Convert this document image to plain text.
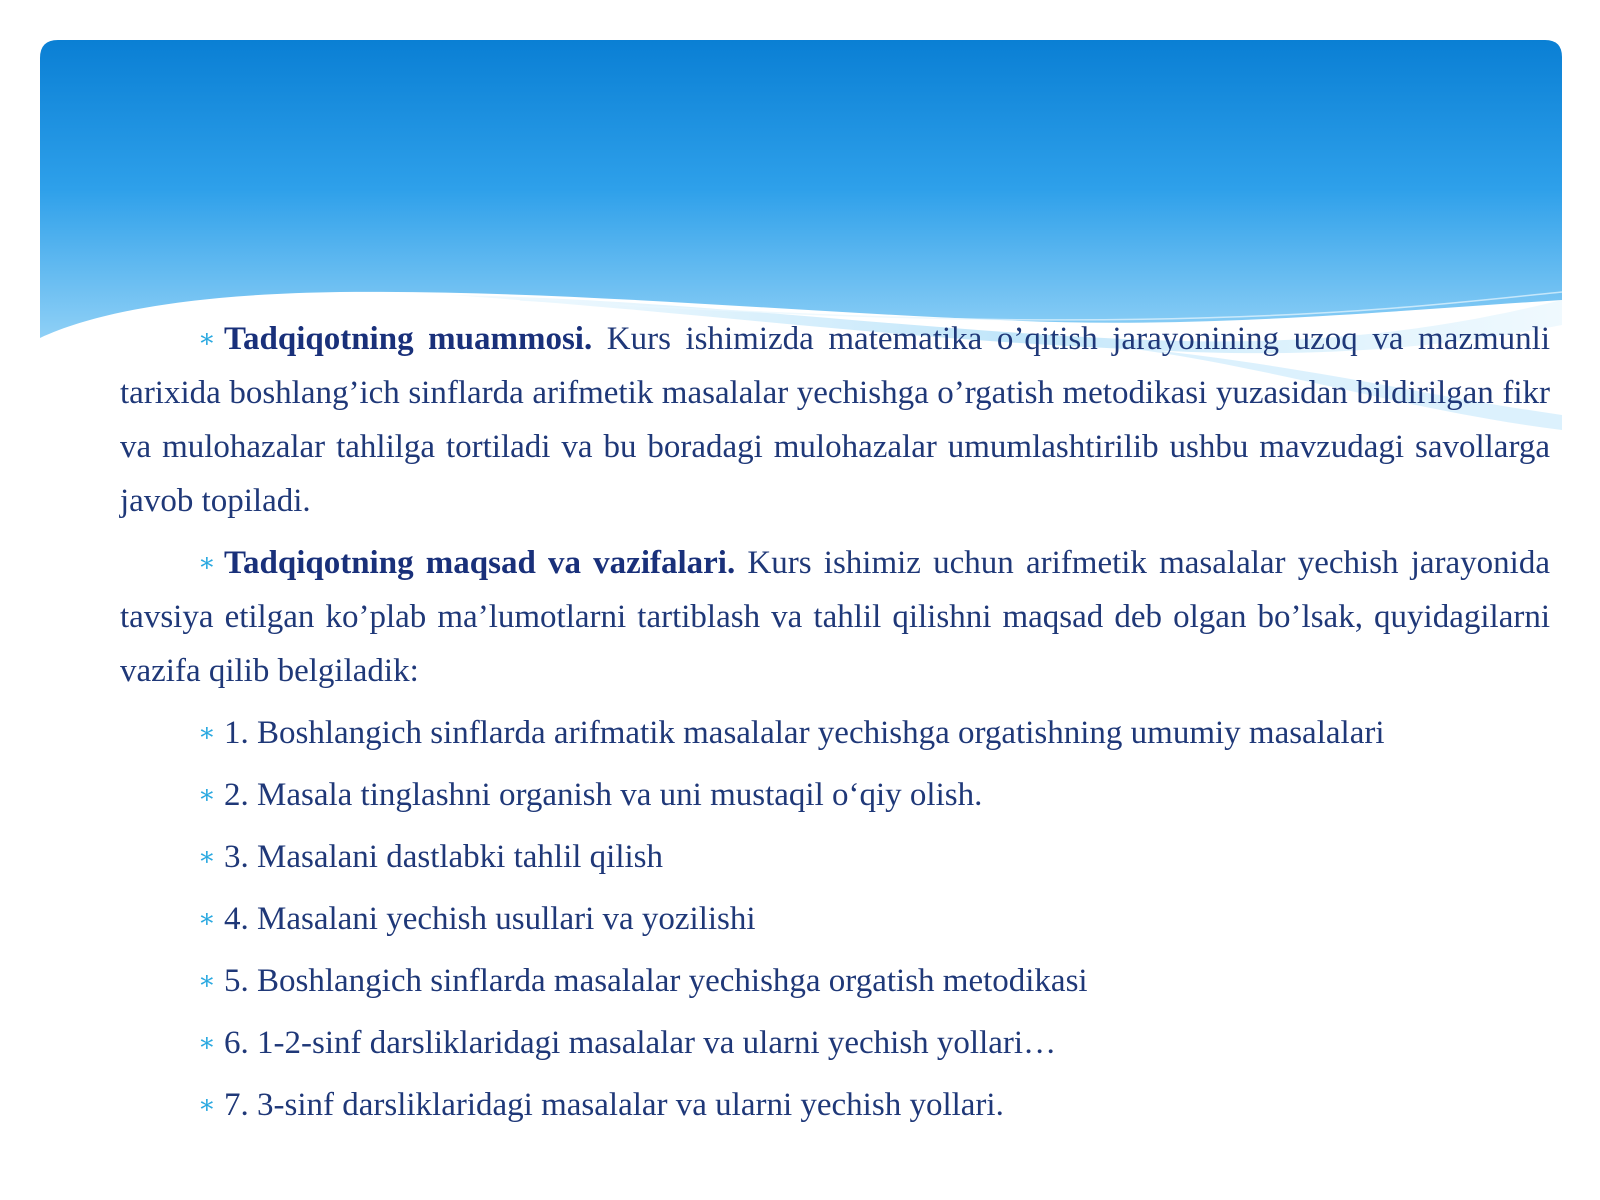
∗ Tadqiqotning muammosi. Kurs ishimizda matematika o’qitish jarayonining uzoq va mazmunli tarixida boshlang’ich sinflarda arifmetik masalalar yechishga o’rgatish metodikasi yuzasidan bildirilgan fikr va mulohazalar tahlilga tortiladi va bu boradagi mulohazalar umumlashtirilib ushbu mavzudagi savollarga javob topiladi.

∗ Tadqiqotning maqsad va vazifalari. Kurs ishimiz uchun arifmetik masalalar yechish jarayonida tavsiya etilgan ko’plab ma’lumotlarni tartiblash va tahlil qilishni maqsad deb olgan bo’lsak, quyidagilarni vazifa qilib belgiladik:

∗ 1. Boshlangich sinflarda arifmatik masalalar yechishga orgatishning umumiy masalalari

∗ 2. Masala tinglashni organish va uni mustaqil o‘qiy olish.

∗ 3. Masalani dastlabki tahlil qilish

∗ 4. Masalani yechish usullari va yozilishi

∗ 5. Boshlangich sinflarda masalalar yechishga orgatish metodikasi

∗ 6. 1-2-sinf darsliklaridagi masalalar va ularni yechish yollari…

∗ 7. 3-sinf darsliklaridagi masalalar va ularni yechish yollari.
